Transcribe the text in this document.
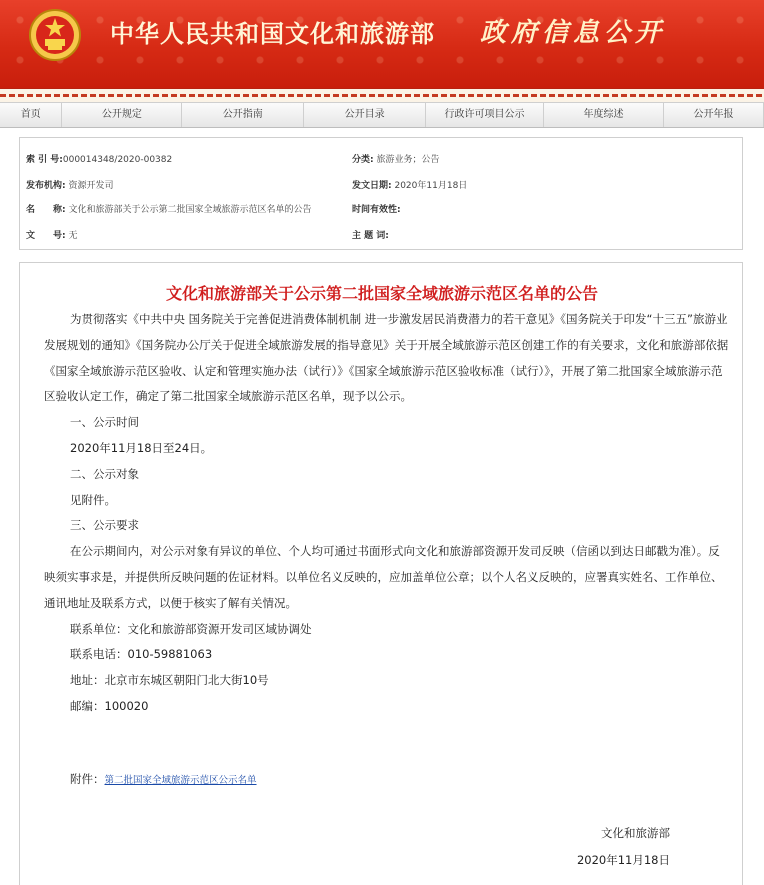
中华人民共和国文化和旅游部 政府信息公开
首页	公开规定	公开指南	公开目录	行政许可项目公示	年度综述	公开年报
索 引 号:000014348/2020-00382	分类: 旅游业务；公告
发布机构: 资源开发司	发文日期: 2020年11月18日
名　　称: 文化和旅游部关于公示第二批国家全域旅游示范区名单的公告	时间有效性:
文　　号: 无	主 题 词:
文化和旅游部关于公示第二批国家全域旅游示范区名单的公告

为贯彻落实《中共中央 国务院关于完善促进消费体制机制 进一步激发居民消费潜力的若干意见》《国务院关于印发“十三五”旅游业发展规划的通知》《国务院办公厅关于促进全域旅游发展的指导意见》关于开展全域旅游示范区创建工作的有关要求，文化和旅游部依据《国家全域旅游示范区验收、认定和管理实施办法（试行）》《国家全域旅游示范区验收标准（试行）》，开展了第二批国家全域旅游示范区验收认定工作，确定了第二批国家全域旅游示范区名单，现予以公示。

一、公示时间

2020年11月18日至24日。

二、公示对象

见附件。

三、公示要求

在公示期间内，对公示对象有异议的单位、个人均可通过书面形式向文化和旅游部资源开发司反映（信函以到达日邮戳为准）。反映须实事求是，并提供所反映问题的佐证材料。以单位名义反映的，应加盖单位公章；以个人名义反映的，应署真实姓名、工作单位、通讯地址及联系方式，以便于核实了解有关情况。

联系单位：文化和旅游部资源开发司区域协调处

联系电话：010-59881063

地址：北京市东城区朝阳门北大街10号

邮编：100020

附件：第二批国家全域旅游示范区公示名单
文化和旅游部
2020年11月18日
